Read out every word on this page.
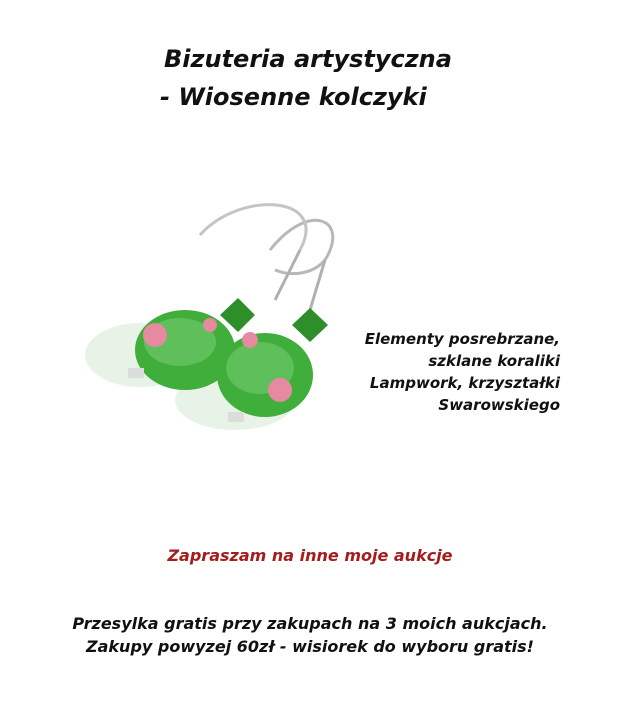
Bizuteria artystyczna
- Wiosenne kolczyki
Elementy posrebrzane,
szklane koraliki
Lampwork, krzyształki
Swarowskiego
Zapraszam na inne moje aukcje
Przesylka gratis przy zakupach na 3 moich aukcjach.
Zakupy powyzej 60zł - wisiorek do wyboru gratis!
